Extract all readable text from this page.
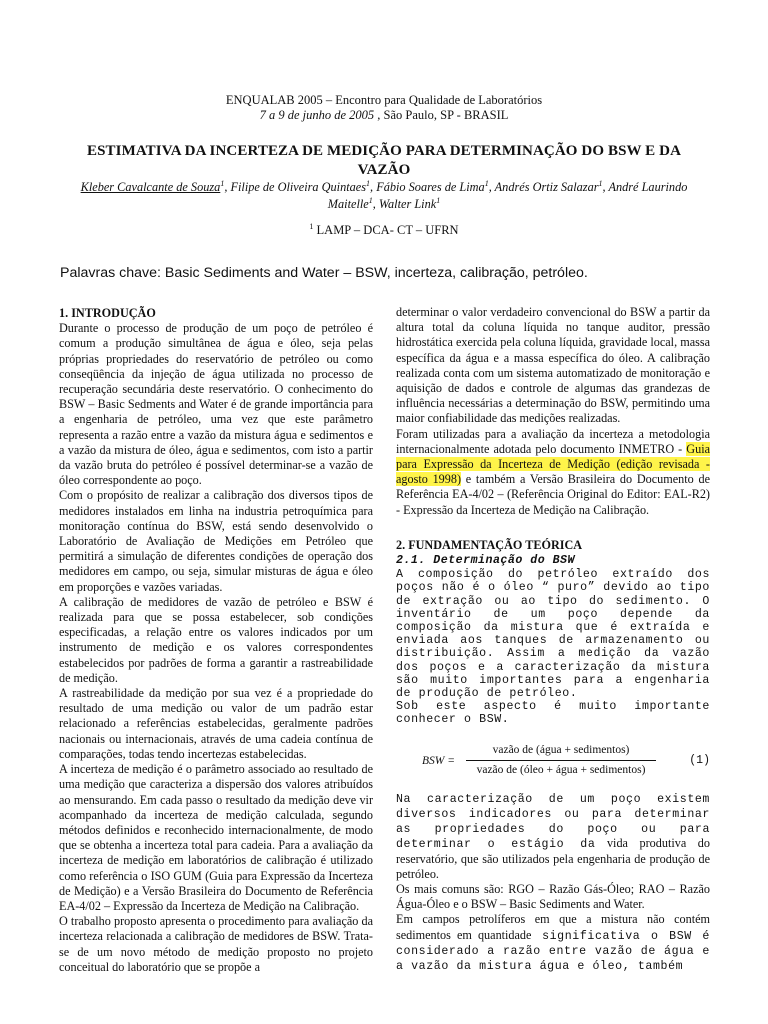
ENQUALAB 2005 – Encontro para Qualidade de Laboratórios
7 a 9 de junho de 2005 , São Paulo, SP - BRASIL
ESTIMATIVA DA INCERTEZA DE MEDIÇÃO PARA DETERMINAÇÃO DO BSW E DA VAZÃO
Kleber Cavalcante de Souza$^1$, Filipe de Oliveira Quintaes$^1$, Fábio Soares de Lima$^1$, Andrés Ortiz Salazar$^1$, André Laurindo Maitelle$^1$, Walter Link$^1$
$^1$ LAMP – DCA- CT – UFRN
Palavras chave: Basic Sediments and Water – BSW, incerteza, calibração, petróleo.

1. INTRODUÇÃO

Durante o processo de produção de um poço de petróleo é comum a produção simultânea de água e óleo, seja pelas próprias propriedades do reservatório de petróleo ou como conseqüência da injeção de água utilizada no processo de recuperação secundária deste reservatório. O conhecimento do BSW – Basic Sedments and Water é de grande importância para a engenharia de petróleo, uma vez que este parâmetro representa a razão entre a vazão da mistura água e sedimentos e a vazão da mistura de óleo, água e sedimentos, com isto a partir da vazão bruta do petróleo é possível determinar-se a vazão de óleo correspondente ao poço.

Com o propósito de realizar a calibração dos diversos tipos de medidores instalados em linha na industria petroquímica para monitoração contínua do BSW, está sendo desenvolvido o Laboratório de Avaliação de Medições em Petróleo que permitirá a simulação de diferentes condições de operação dos medidores em campo, ou seja, simular misturas de água e óleo em proporções e vazões variadas.

A calibração de medidores de vazão de petróleo e BSW é realizada para que se possa estabelecer, sob condições especificadas, a relação entre os valores indicados por um instrumento de medição e os valores correspondentes estabelecidos por padrões de forma a garantir a rastreabilidade de medição.

A rastreabilidade da medição por sua vez é a propriedade do resultado de uma medição ou valor de um padrão estar relacionado a referências estabelecidas, geralmente padrões nacionais ou internacionais, através de uma cadeia contínua de comparações, todas tendo incertezas estabelecidas.

A incerteza de medição é o parâmetro associado ao resultado de uma medição que caracteriza a dispersão dos valores atribuídos ao mensurando. Em cada passo o resultado da medição deve vir acompanhado da incerteza de medição calculada, segundo métodos definidos e reconhecido internacionalmente, de modo que se obtenha a incerteza total para cadeia. Para a avaliação da incerteza de medição em laboratórios de calibração é utilizado como referência o ISO GUM (Guia para Expressão da Incerteza de Medição) e a Versão Brasileira do Documento de Referência EA-4/02 – Expressão da Incerteza de Medição na Calibração.

O trabalho proposto apresenta o procedimento para avaliação da incerteza relacionada a calibração de medidores de BSW. Trata-se de um novo método de medição proposto no projeto conceitual do laboratório que se propõe a

determinar o valor verdadeiro convencional do BSW a partir da altura total da coluna líquida no tanque auditor, pressão hidrostática exercida pela coluna líquida, gravidade local, massa específica da água e a massa específica do óleo. A calibração realizada conta com um sistema automatizado de monitoração e aquisição de dados e controle de algumas das grandezas de influência necessárias a determinação do BSW, permitindo uma maior confiabilidade das medições realizadas.

Foram utilizadas para a avaliação da incerteza a metodologia internacionalmente adotada pelo documento INMETRO - Guia para Expressão da Incerteza de Medição (edição revisada - agosto 1998) e também a Versão Brasileira do Documento de Referência EA-4/02 – (Referência Original do Editor: EAL-R2) - Expressão da Incerteza de Medição na Calibração.

2. FUNDAMENTAÇÃO TEÓRICA

2.1. Determinação do BSW

A composição do petróleo extraído dos poços não é o óleo “ puro” devido ao tipo de extração ou ao tipo do sedimento. O inventário de um poço depende da composição da mistura que é extraída e enviada aos tanques de armazenamento ou distribuição. Assim a medição da vazão dos poços e a caracterização da mistura são muito importantes para a engenharia de produção de petróleo.

Sob este aspecto é muito importante conhecer o BSW.

BSW =
vazão de (água + sedimentos)
vazão de (óleo + água + sedimentos)
(1)

Na caracterização de um poço existem diversos indicadores ou para determinar as propriedades do poço ou para determinar o estágio da vida produtiva do reservatório, que são utilizados pela engenharia de produção de petróleo.

Os mais comuns são: RGO – Razão Gás-Óleo; RAO – Razão Água-Óleo e o BSW – Basic Sediments and Water.

Em campos petrolíferos em que a mistura não contém sedimentos em quantidade significativa o BSW é considerado a razão entre vazão de água e a vazão da mistura água e óleo, também
